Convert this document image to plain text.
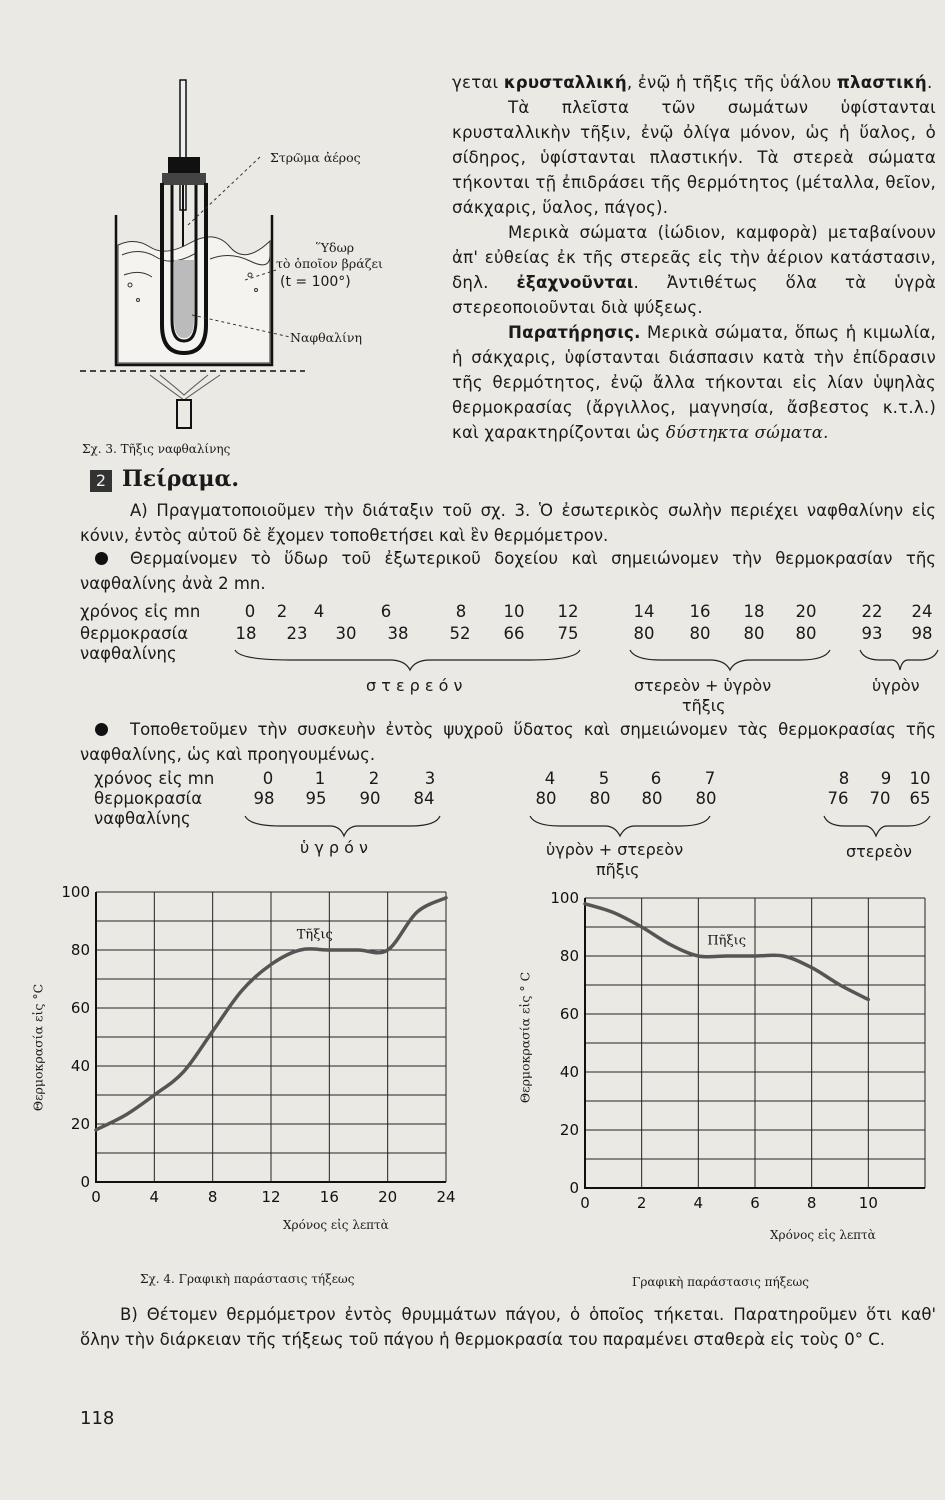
γεται κρυσταλλική, ἐνῷ ἡ τῆξις τῆς ὑάλου πλαστική.

Τὰ πλεῖστα τῶν σωμάτων ὑφίστανται κρυσταλλικὴν τῆξιν, ἐνῷ ὀλίγα μόνον, ὡς ἡ ὕαλος, ὁ σίδηρος, ὑφίστανται πλαστικήν. Τὰ στερεὰ σώματα τήκονται τῇ ἐπιδράσει τῆς θερμότητος (μέταλλα, θεῖον, σάκχαρις, ὕαλος, πάγος).

Μερικὰ σώματα (ἰώδιον, καμφορὰ) μεταβαίνουν ἀπ' εὐθείας ἐκ τῆς στερεᾶς εἰς τὴν ἀέριον κατάστασιν, δηλ. ἐξαχνοῦνται. Ἀντιθέτως ὅλα τὰ ὑγρὰ στερεοποιοῦνται διὰ ψύξεως.

Παρατήρησις. Μερικὰ σώματα, ὅπως ἡ κιμωλία, ἡ σάκχαρις, ὑφίστανται διάσπασιν κατὰ τὴν ἐπίδρασιν τῆς θερμότητος, ἐνῷ ἄλλα τήκονται εἰς λίαν ὑψηλὰς θερμοκρασίας (ἄργιλλος, μαγνησία, ἄσβεστος κ.τ.λ.) καὶ χαρακτηρίζονται ὡς δύστηκτα σώματα.

Στρῶμα ἀέρος
Ὕδωρ
τὸ ὁποῖον βράζει
(t = 100°)
Ναφθαλίνη
Σχ. 3. Τῆξις ναφθαλίνης
2 Πείραμα.
Α) Πραγματοποιοῦμεν τὴν διάταξιν τοῦ σχ. 3. Ὁ ἐσωτερικὸς σωλὴν περιέχει ναφθαλίνην εἰς κόνιν, ἐντὸς αὐτοῦ δὲ ἔχομεν τοποθετήσει καὶ ἓν θερμόμετρον.
Θερμαίνομεν τὸ ὕδωρ τοῦ ἐξωτερικοῦ δοχείου καὶ σημειώνομεν τὴν θερμοκρασίαν τῆς ναφθαλίνης ἀνὰ 2 mn.
χρόνος εἰς mn
θερμοκρασία
ναφθαλίνης
0	2	4	6	8	10	12	14	16	18	20	22	24
18	23	30	38	52	66	75	80	80	80	80	93	98
σ τ ε ρ ε ό ν	στερεὸν + ὑγρὸν
τῆξις
ὑγρὸν
Τοποθετοῦμεν τὴν συσκευὴν ἐντὸς ψυχροῦ ὕδατος καὶ σημειώνομεν τὰς θερμοκρασίας τῆς ναφθαλίνης, ὡς καὶ προηγουμένως.
χρόνος εἰς mn
θερμοκρασία
ναφθαλίνης
0	1	2	3	4	5	6	7	8	9	10
98	95	90	84	80	80	80	80	76	70	65
ὑ γ ρ ό ν	ὑγρὸν + στερεὸν
πῆξις
στερεὸν
Θερμοκρασία εἰς °C
0
20
40
60
80
100
0	4	8	12	16	20	24
Τῆξις
Χρόνος εἰς λεπτὰ
Σχ. 4. Γραφικὴ παράστασις τήξεως
Θερμοκρασία εἰς ° C
0
20
40
60
80
100
0	2	4	6	8	10
Πῆξις
Χρόνος εἰς λεπτὰ
Γραφικὴ παράστασις πήξεως
Β) Θέτομεν θερμόμετρον ἐντὸς θρυμμάτων πάγου, ὁ ὁποῖος τήκεται. Παρατηροῦμεν ὅτι καθ' ὅλην τὴν διάρκειαν τῆς τήξεως τοῦ πάγου ἡ θερμοκρασία του παραμένει σταθερὰ εἰς τοὺς 0° C.
118
